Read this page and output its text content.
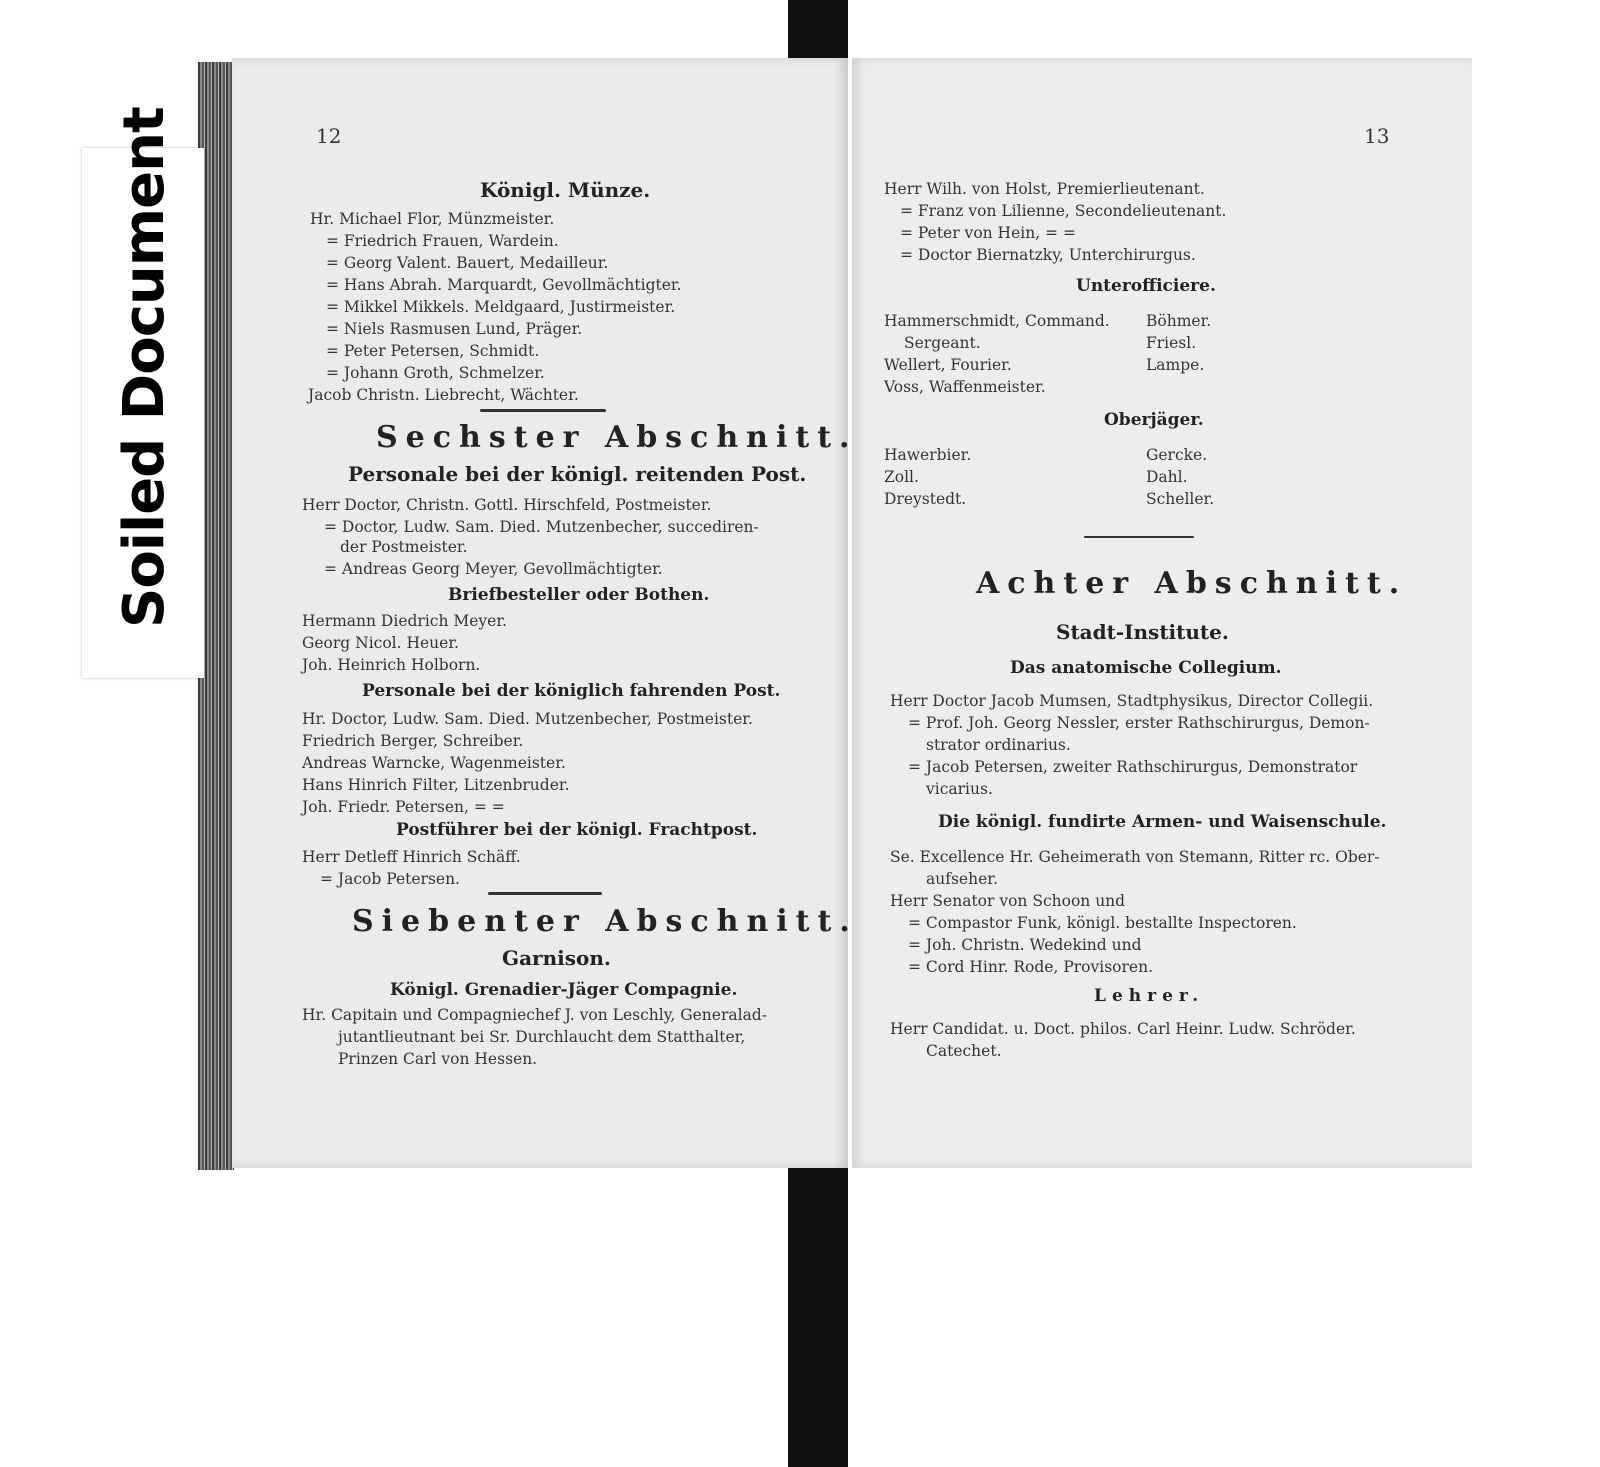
Soiled Document	12
Königl. Münze.
Hr. Michael Flor, Münzmeister.
= Friedrich Frauen, Wardein.
= Georg Valent. Bauert, Medailleur.
= Hans Abrah. Marquardt, Gevollmächtigter.
= Mikkel Mikkels. Meldgaard, Justirmeister.
= Niels Rasmusen Lund, Präger.
= Peter Petersen, Schmidt.
= Johann Groth, Schmelzer.
Jacob Christn. Liebrecht, Wächter.
Sechster Abschnitt.
Personale bei der königl. reitenden Post.
Herr Doctor, Christn. Gottl. Hirschfeld, Postmeister.
= Doctor, Ludw. Sam. Died. Mutzenbecher, succediren-
der Postmeister.
= Andreas Georg Meyer, Gevollmächtigter.
Briefbesteller oder Bothen.
Hermann Diedrich Meyer.
Georg Nicol. Heuer.
Joh. Heinrich Holborn.
Personale bei der königlich fahrenden Post.
Hr. Doctor, Ludw. Sam. Died. Mutzenbecher, Postmeister.
Friedrich Berger, Schreiber.
Andreas Warncke, Wagenmeister.
Hans Hinrich Filter, Litzenbruder.
Joh. Friedr. Petersen, = =
Postführer bei der königl. Frachtpost.
Herr Detleff Hinrich Schäff.
= Jacob Petersen.
Siebenter Abschnitt.
Garnison.
Königl. Grenadier-Jäger Compagnie.
Hr. Capitain und Compagniechef J. von Leschly, Generalad-
jutantlieutnant bei Sr. Durchlaucht dem Statthalter,
Prinzen Carl von Hessen.
13
Herr Wilh. von Holst, Premierlieutenant.
= Franz von Lilienne, Secondelieutenant.
= Peter von Hein, = =
= Doctor Biernatzky, Unterchirurgus.
Unterofficiere.
Hammerschmidt, Command.
Sergeant.
Wellert, Fourier.
Voss, Waffenmeister.
Böhmer.
Friesl.
Lampe.
Oberjäger.
Hawerbier.
Zoll.
Dreystedt.
Gercke.
Dahl.
Scheller.
Achter Abschnitt.
Stadt-Institute.
Das anatomische Collegium.
Herr Doctor Jacob Mumsen, Stadtphysikus, Director Collegii.
= Prof. Joh. Georg Nessler, erster Rathschirurgus, Demon-
strator ordinarius.
= Jacob Petersen, zweiter Rathschirurgus, Demonstrator
vicarius.
Die königl. fundirte Armen- und Waisenschule.
Se. Excellence Hr. Geheimerath von Stemann, Ritter rc. Ober-
aufseher.
Herr Senator von Schoon und
= Compastor Funk, königl. bestallte Inspectoren.
= Joh. Christn. Wedekind und
= Cord Hinr. Rode, Provisoren.
Lehrer.
Herr Candidat. u. Doct. philos. Carl Heinr. Ludw. Schröder.
Catechet.
